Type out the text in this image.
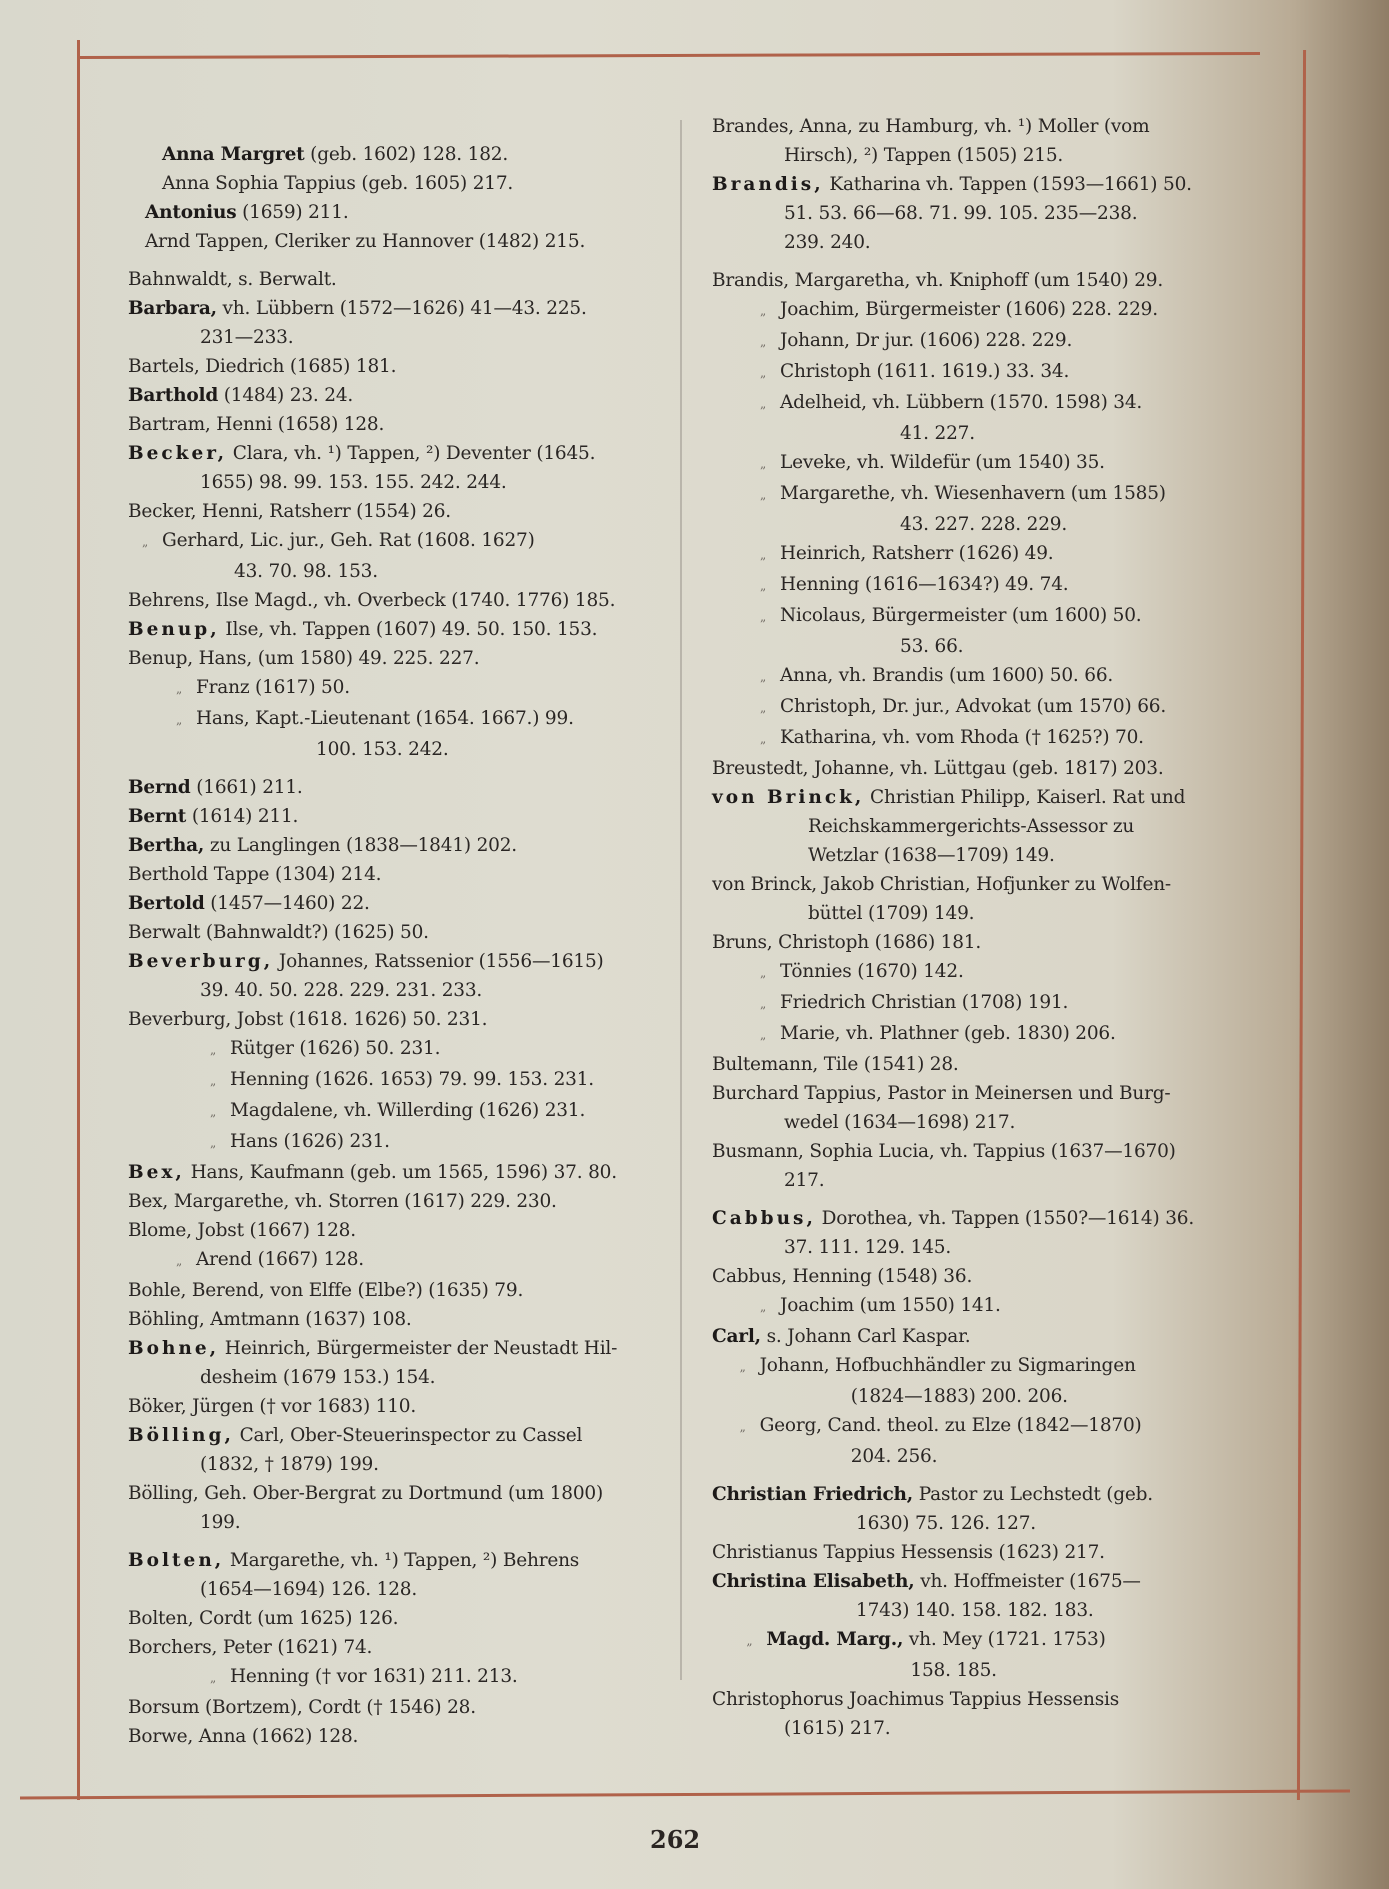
Anna Margret (geb. 1602) 128. 182.
Anna Sophia Tappius (geb. 1605) 217.
Antonius (1659) 211.
Arnd Tappen, Cleriker zu Hannover (1482) 215.
Bahnwaldt, s. Berwalt.
Barbara, vh. Lübbern (1572—1626) 41—43. 225.
231—233.
Bartels, Diedrich (1685) 181.
Barthold (1484) 23. 24.
Bartram, Henni (1658) 128.
Becker, Clara, vh. ¹) Tappen, ²) Deventer (1645.
1655) 98. 99. 153. 155. 242. 244.
Becker, Henni, Ratsherr (1554) 26.
„ Gerhard, Lic. jur., Geh. Rat (1608. 1627)
43. 70. 98. 153.
Behrens, Ilse Magd., vh. Overbeck (1740. 1776) 185.
Benup, Ilse, vh. Tappen (1607) 49. 50. 150. 153.
Benup, Hans, (um 1580) 49. 225. 227.
„ Franz (1617) 50.
„ Hans, Kapt.-Lieutenant (1654. 1667.) 99.
100. 153. 242.
Bernd (1661) 211.
Bernt (1614) 211.
Bertha, zu Langlingen (1838—1841) 202.
Berthold Tappe (1304) 214.
Bertold (1457—1460) 22.
Berwalt (Bahnwaldt?) (1625) 50.
Beverburg, Johannes, Ratssenior (1556—1615)
39. 40. 50. 228. 229. 231. 233.
Beverburg, Jobst (1618. 1626) 50. 231.
„ Rütger (1626) 50. 231.
„ Henning (1626. 1653) 79. 99. 153. 231.
„ Magdalene, vh. Willerding (1626) 231.
„ Hans (1626) 231.
Bex, Hans, Kaufmann (geb. um 1565, 1596) 37. 80.
Bex, Margarethe, vh. Storren (1617) 229. 230.
Blome, Jobst (1667) 128.
„ Arend (1667) 128.
Bohle, Berend, von Elffe (Elbe?) (1635) 79.
Böhling, Amtmann (1637) 108.
Bohne, Heinrich, Bürgermeister der Neustadt Hil-
desheim (1679 153.) 154.
Böker, Jürgen († vor 1683) 110.
Bölling, Carl, Ober-Steuerinspector zu Cassel
(1832, † 1879) 199.
Bölling, Geh. Ober-Bergrat zu Dortmund (um 1800)
199.
Bolten, Margarethe, vh. ¹) Tappen, ²) Behrens
(1654—1694) 126. 128.
Bolten, Cordt (um 1625) 126.
Borchers, Peter (1621) 74.
„ Henning († vor 1631) 211. 213.
Borsum (Bortzem), Cordt († 1546) 28.
Borwe, Anna (1662) 128.
Brandes, Anna, zu Hamburg, vh. ¹) Moller (vom
Hirsch), ²) Tappen (1505) 215.
Brandis, Katharina vh. Tappen (1593—1661) 50.
51. 53. 66—68. 71. 99. 105. 235—238.
239. 240.
Brandis, Margaretha, vh. Kniphoff (um 1540) 29.
„ Joachim, Bürgermeister (1606) 228. 229.
„ Johann, Dr jur. (1606) 228. 229.
„ Christoph (1611. 1619.) 33. 34.
„ Adelheid, vh. Lübbern (1570. 1598) 34.
41. 227.
„ Leveke, vh. Wildefür (um 1540) 35.
„ Margarethe, vh. Wiesenhavern (um 1585)
43. 227. 228. 229.
„ Heinrich, Ratsherr (1626) 49.
„ Henning (1616—1634?) 49. 74.
„ Nicolaus, Bürgermeister (um 1600) 50.
53. 66.
„ Anna, vh. Brandis (um 1600) 50. 66.
„ Christoph, Dr. jur., Advokat (um 1570) 66.
„ Katharina, vh. vom Rhoda († 1625?) 70.
Breustedt, Johanne, vh. Lüttgau (geb. 1817) 203.
von Brinck, Christian Philipp, Kaiserl. Rat und
Reichskammergerichts-Assessor zu
Wetzlar (1638—1709) 149.
von Brinck, Jakob Christian, Hofjunker zu Wolfen-
büttel (1709) 149.
Bruns, Christoph (1686) 181.
„ Tönnies (1670) 142.
„ Friedrich Christian (1708) 191.
„ Marie, vh. Plathner (geb. 1830) 206.
Bultemann, Tile (1541) 28.
Burchard Tappius, Pastor in Meinersen und Burg-
wedel (1634—1698) 217.
Busmann, Sophia Lucia, vh. Tappius (1637—1670)
217.
Cabbus, Dorothea, vh. Tappen (1550?—1614) 36.
37. 111. 129. 145.
Cabbus, Henning (1548) 36.
„ Joachim (um 1550) 141.
Carl, s. Johann Carl Kaspar.
„ Johann, Hofbuchhändler zu Sigmaringen
(1824—1883) 200. 206.
„ Georg, Cand. theol. zu Elze (1842—1870)
204. 256.
Christian Friedrich, Pastor zu Lechstedt (geb.
1630) 75. 126. 127.
Christianus Tappius Hessensis (1623) 217.
Christina Elisabeth, vh. Hoffmeister (1675—
1743) 140. 158. 182. 183.
„ Magd. Marg., vh. Mey (1721. 1753)
158. 185.
Christophorus Joachimus Tappius Hessensis
(1615) 217.
262
